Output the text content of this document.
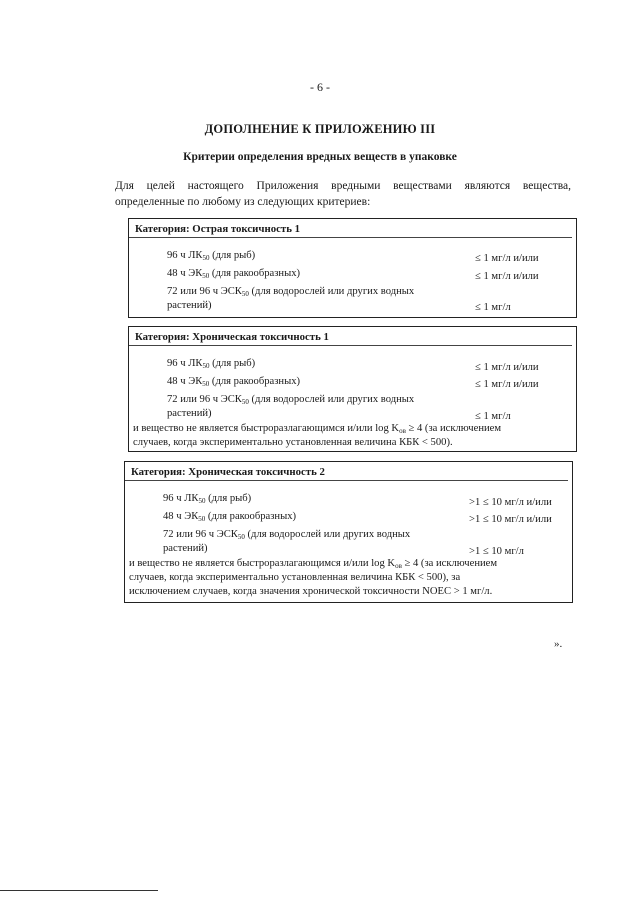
- 6 -
ДОПОЛНЕНИЕ К ПРИЛОЖЕНИЮ III
Критерии определения вредных веществ в упаковке
Для целей настоящего Приложения вредными веществами являются вещества,
определенные по любому из следующих критериев:
Категория: Острая токсичность 1
96 ч $ЛК_{50}$ (для рыб)	≤ 1 мг/л и/или
48 ч $ЭК_{50}$ (для ракообразных)	≤ 1 мг/л и/или
72 или 96 ч $ЭСК_{50}$ (для водорослей или других водных
растений)	≤ 1 мг/л
Категория: Хроническая токсичность 1
96 ч $ЛК_{50}$ (для рыб)	≤ 1 мг/л и/или
48 ч $ЭК_{50}$ (для ракообразных)	≤ 1 мг/л и/или
72 или 96 ч $ЭСК_{50}$ (для водорослей или других водных
растений)	≤ 1 мг/л
и вещество не является быстроразлагающимся и/или $\log K_{ов} \ge 4$ (за исключением
случаев, когда экспериментально установленная величина КБК < 500).
Категория: Хроническая токсичность 2
96 ч $ЛК_{50}$ (для рыб)	>1 ≤ 10 мг/л и/или
48 ч $ЭК_{50}$ (для ракообразных)	>1 ≤ 10 мг/л и/или
72 или 96 ч $ЭСК_{50}$ (для водорослей или других водных
растений)	>1 ≤ 10 мг/л
и вещество не является быстроразлагающимся и/или $\log K_{ов} \ge 4$ (за исключением
случаев, когда экспериментально установленная величина КБК < 500), за
исключением случаев, когда значения хронической токсичности NOEC > 1 мг/л.
».
